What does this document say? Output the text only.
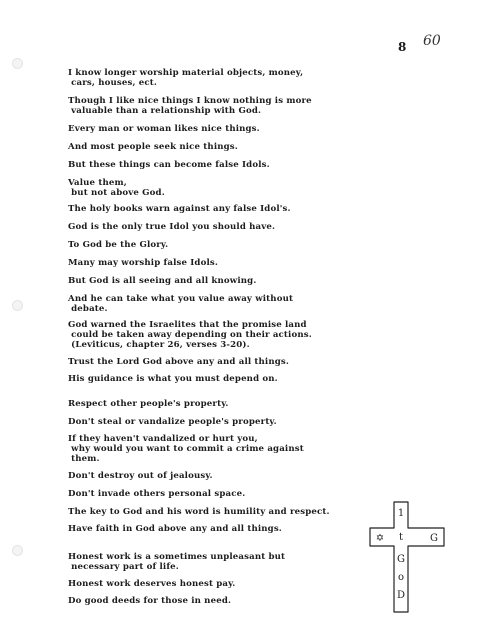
8 60
I know longer worship material objects, money,
cars, houses, ect.
Though I like nice things I know nothing is more
valuable than a relationship with God.
Every man or woman likes nice things.
And most people seek nice things.
But these things can become false Idols.
Value them,
but not above God.
The holy books warn against any false Idol's.
God is the only true Idol you should have.
To God be the Glory.
Many may worship false Idols.
But God is all seeing and all knowing.
And he can take what you value away without
debate.
God warned the Israelites that the promise land
could be taken away depending on their actions.
(Leviticus, chapter 26, verses 3-20).
Trust the Lord God above any and all things.
His guidance is what you must depend on.
Respect other people's property.
Don't steal or vandalize people's property.
If they haven't vandalized or hurt you,
why would you want to commit a crime against
them.
Don't destroy out of jealousy.
Don't invade others personal space.
The key to God and his word is humility and respect.
Have faith in God above any and all things.
Honest work is a sometimes unpleasant but
necessary part of life.
Honest work deserves honest pay.
Do good deeds for those in need.
1
t
G
o
D
G
✡
